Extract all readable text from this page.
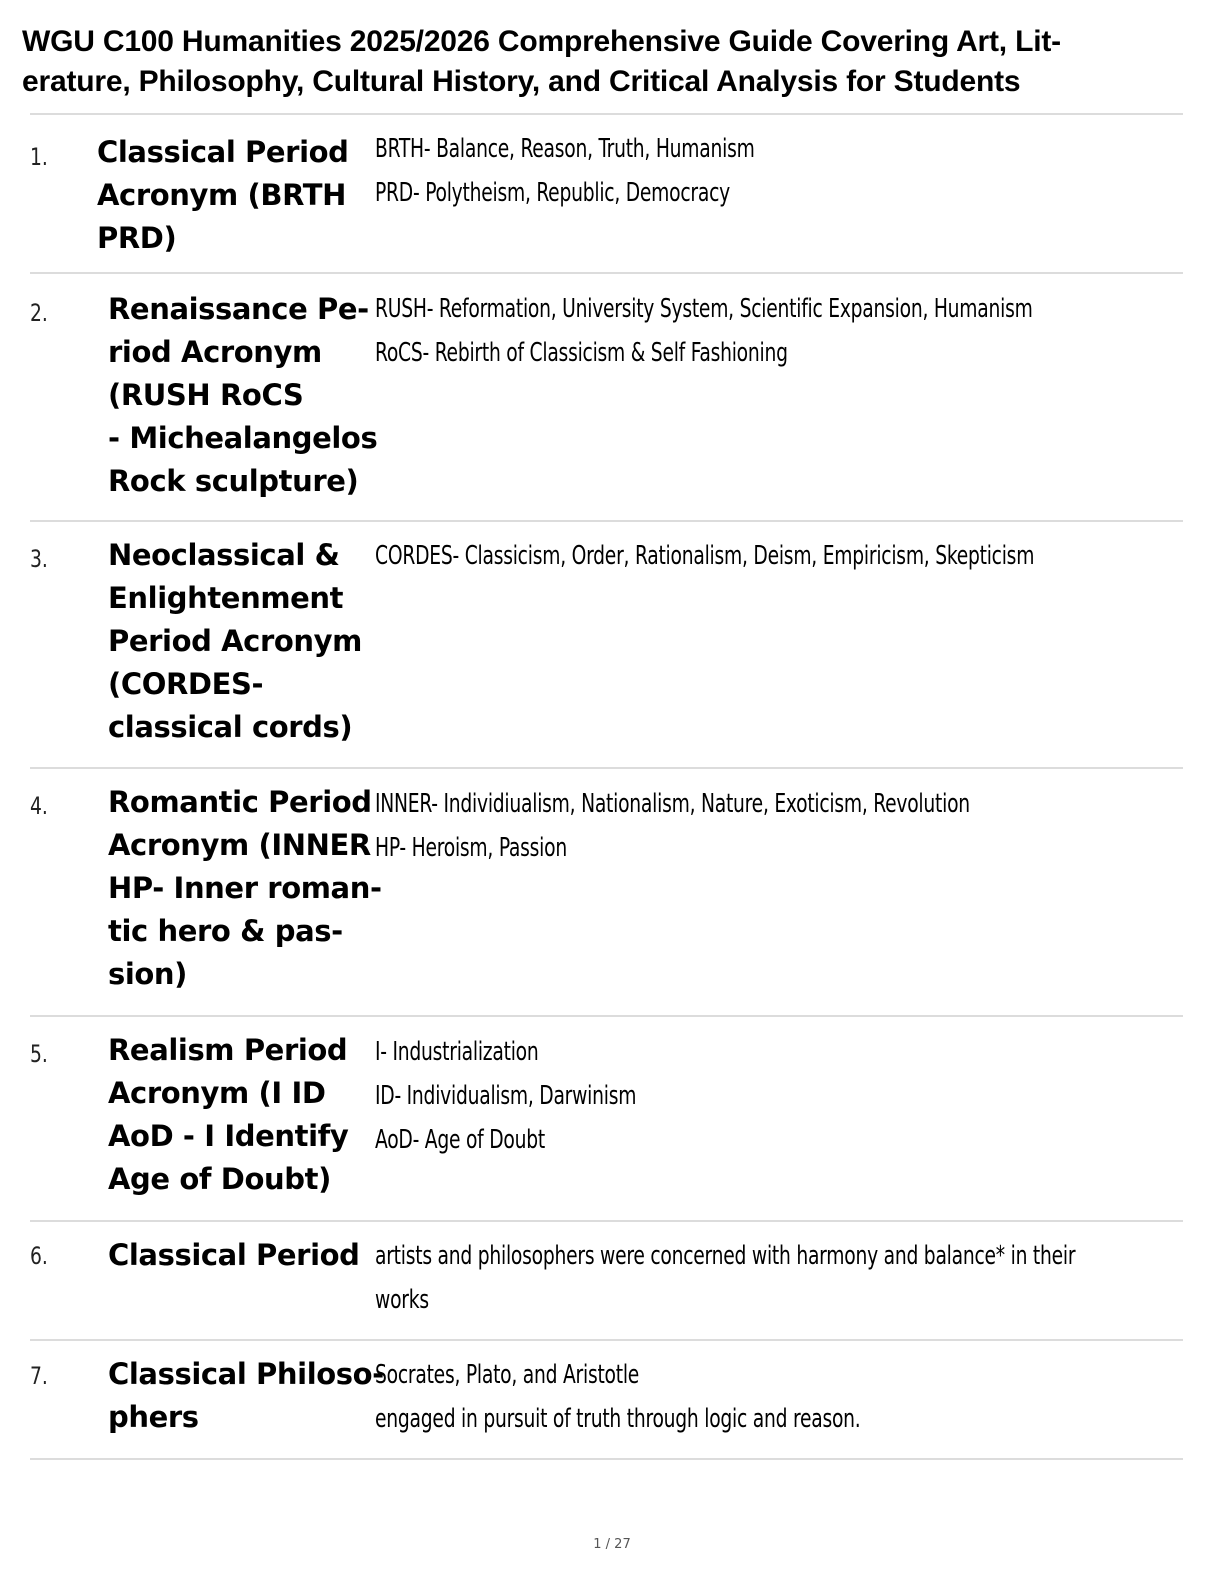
WGU C100 Humanities 2025/2026 Comprehensive Guide Covering Art, Lit-
erature, Philosophy, Cultural History, and Critical Analysis for Students
1. Classical Period
Acronym (BRTH
PRD)
BRTH- Balance, Reason, Truth, Humanism
PRD- Polytheism, Republic, Democracy
2. Renaissance Pe-
riod Acronym
(RUSH RoCS
- Michealangelos
Rock sculpture)
RUSH- Reformation, University System, Scientific Expansion, Humanism
RoCS- Rebirth of Classicism & Self Fashioning
3. Neoclassical &
Enlightenment
Period Acronym
(CORDES-
classical cords)
CORDES- Classicism, Order, Rationalism, Deism, Empiricism, Skepticism
4. Romantic Period
Acronym (INNER
HP- Inner roman-
tic hero & pas-
sion)
INNER- Individiualism, Nationalism, Nature, Exoticism, Revolution
HP- Heroism, Passion
5. Realism Period
Acronym (I ID
AoD - I Identify
Age of Doubt)
I- Industrialization
ID- Individualism, Darwinism
AoD- Age of Doubt
6. Classical Period artists and philosophers were concerned with harmony and balance* in their
works
7. Classical Philoso-
phers
Socrates, Plato, and Aristotle
engaged in pursuit of truth through logic and reason.
1 / 27
